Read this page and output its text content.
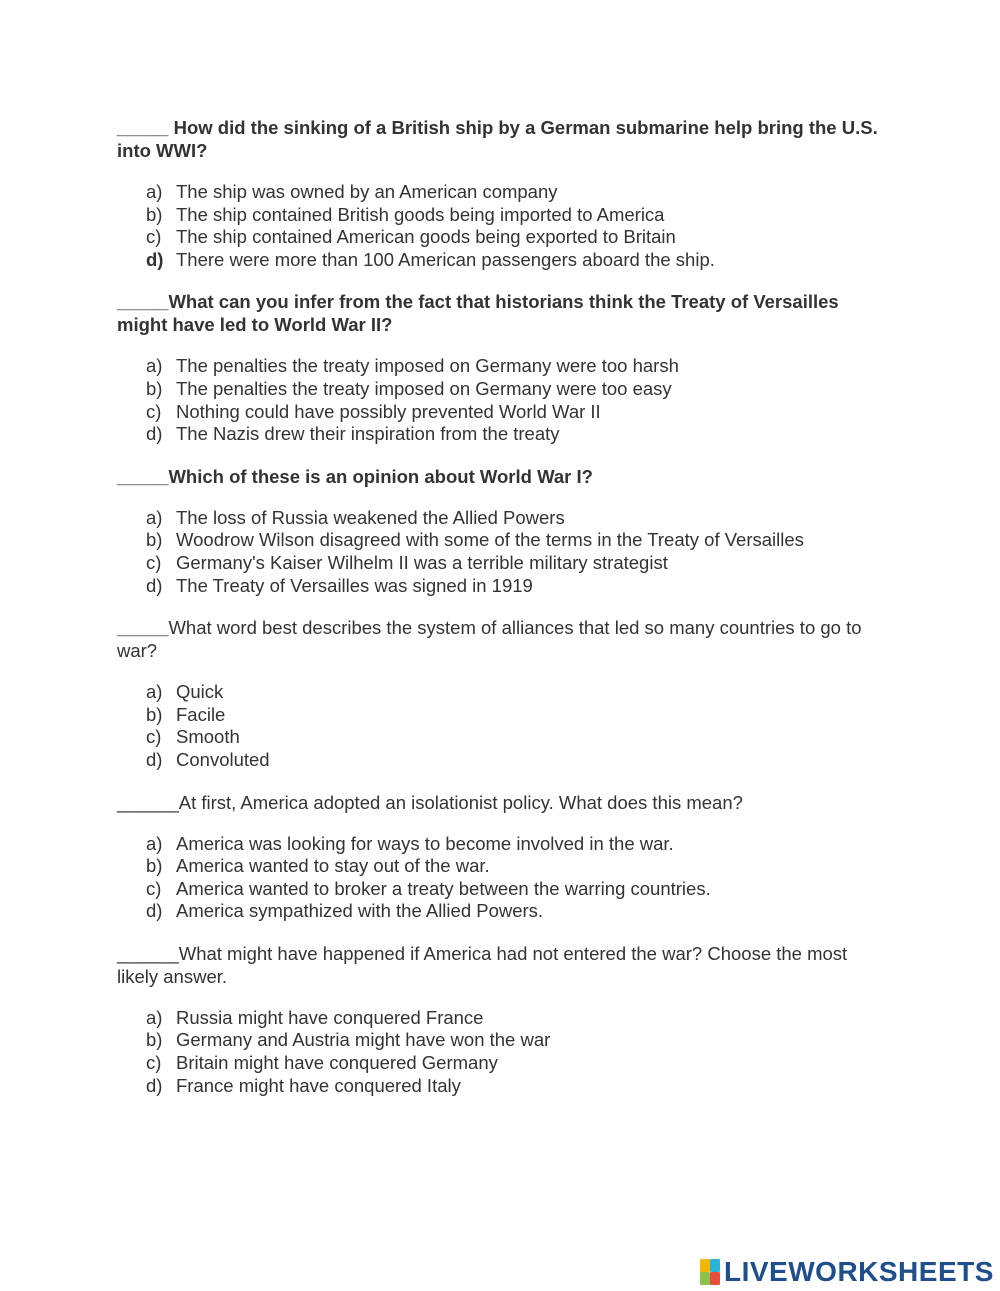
_____ How did the sinking of a British ship by a German submarine help bring the U.S. into WWI?

a) The ship was owned by an American company
b) The ship contained British goods being imported to America
c) The ship contained American goods being exported to Britain
d) There were more than 100 American passengers aboard the ship.

_____What can you infer from the fact that historians think the Treaty of Versailles might have led to World War II?

a) The penalties the treaty imposed on Germany were too harsh
b) The penalties the treaty imposed on Germany were too easy
c) Nothing could have possibly prevented World War II
d) The Nazis drew their inspiration from the treaty

_____Which of these is an opinion about World War I?

a) The loss of Russia weakened the Allied Powers
b) Woodrow Wilson disagreed with some of the terms in the Treaty of Versailles
c) Germany's Kaiser Wilhelm II was a terrible military strategist
d) The Treaty of Versailles was signed in 1919

_____What word best describes the system of alliances that led so many countries to go to war?

a) Quick
b) Facile
c) Smooth
d) Convoluted

______At first, America adopted an isolationist policy. What does this mean?

a) America was looking for ways to become involved in the war.
b) America wanted to stay out of the war.
c) America wanted to broker a treaty between the warring countries.
d) America sympathized with the Allied Powers.

______What might have happened if America had not entered the war? Choose the most likely answer.

a) Russia might have conquered France
b) Germany and Austria might have won the war
c) Britain might have conquered Germany
d) France might have conquered Italy
LIVEWORKSHEETS
